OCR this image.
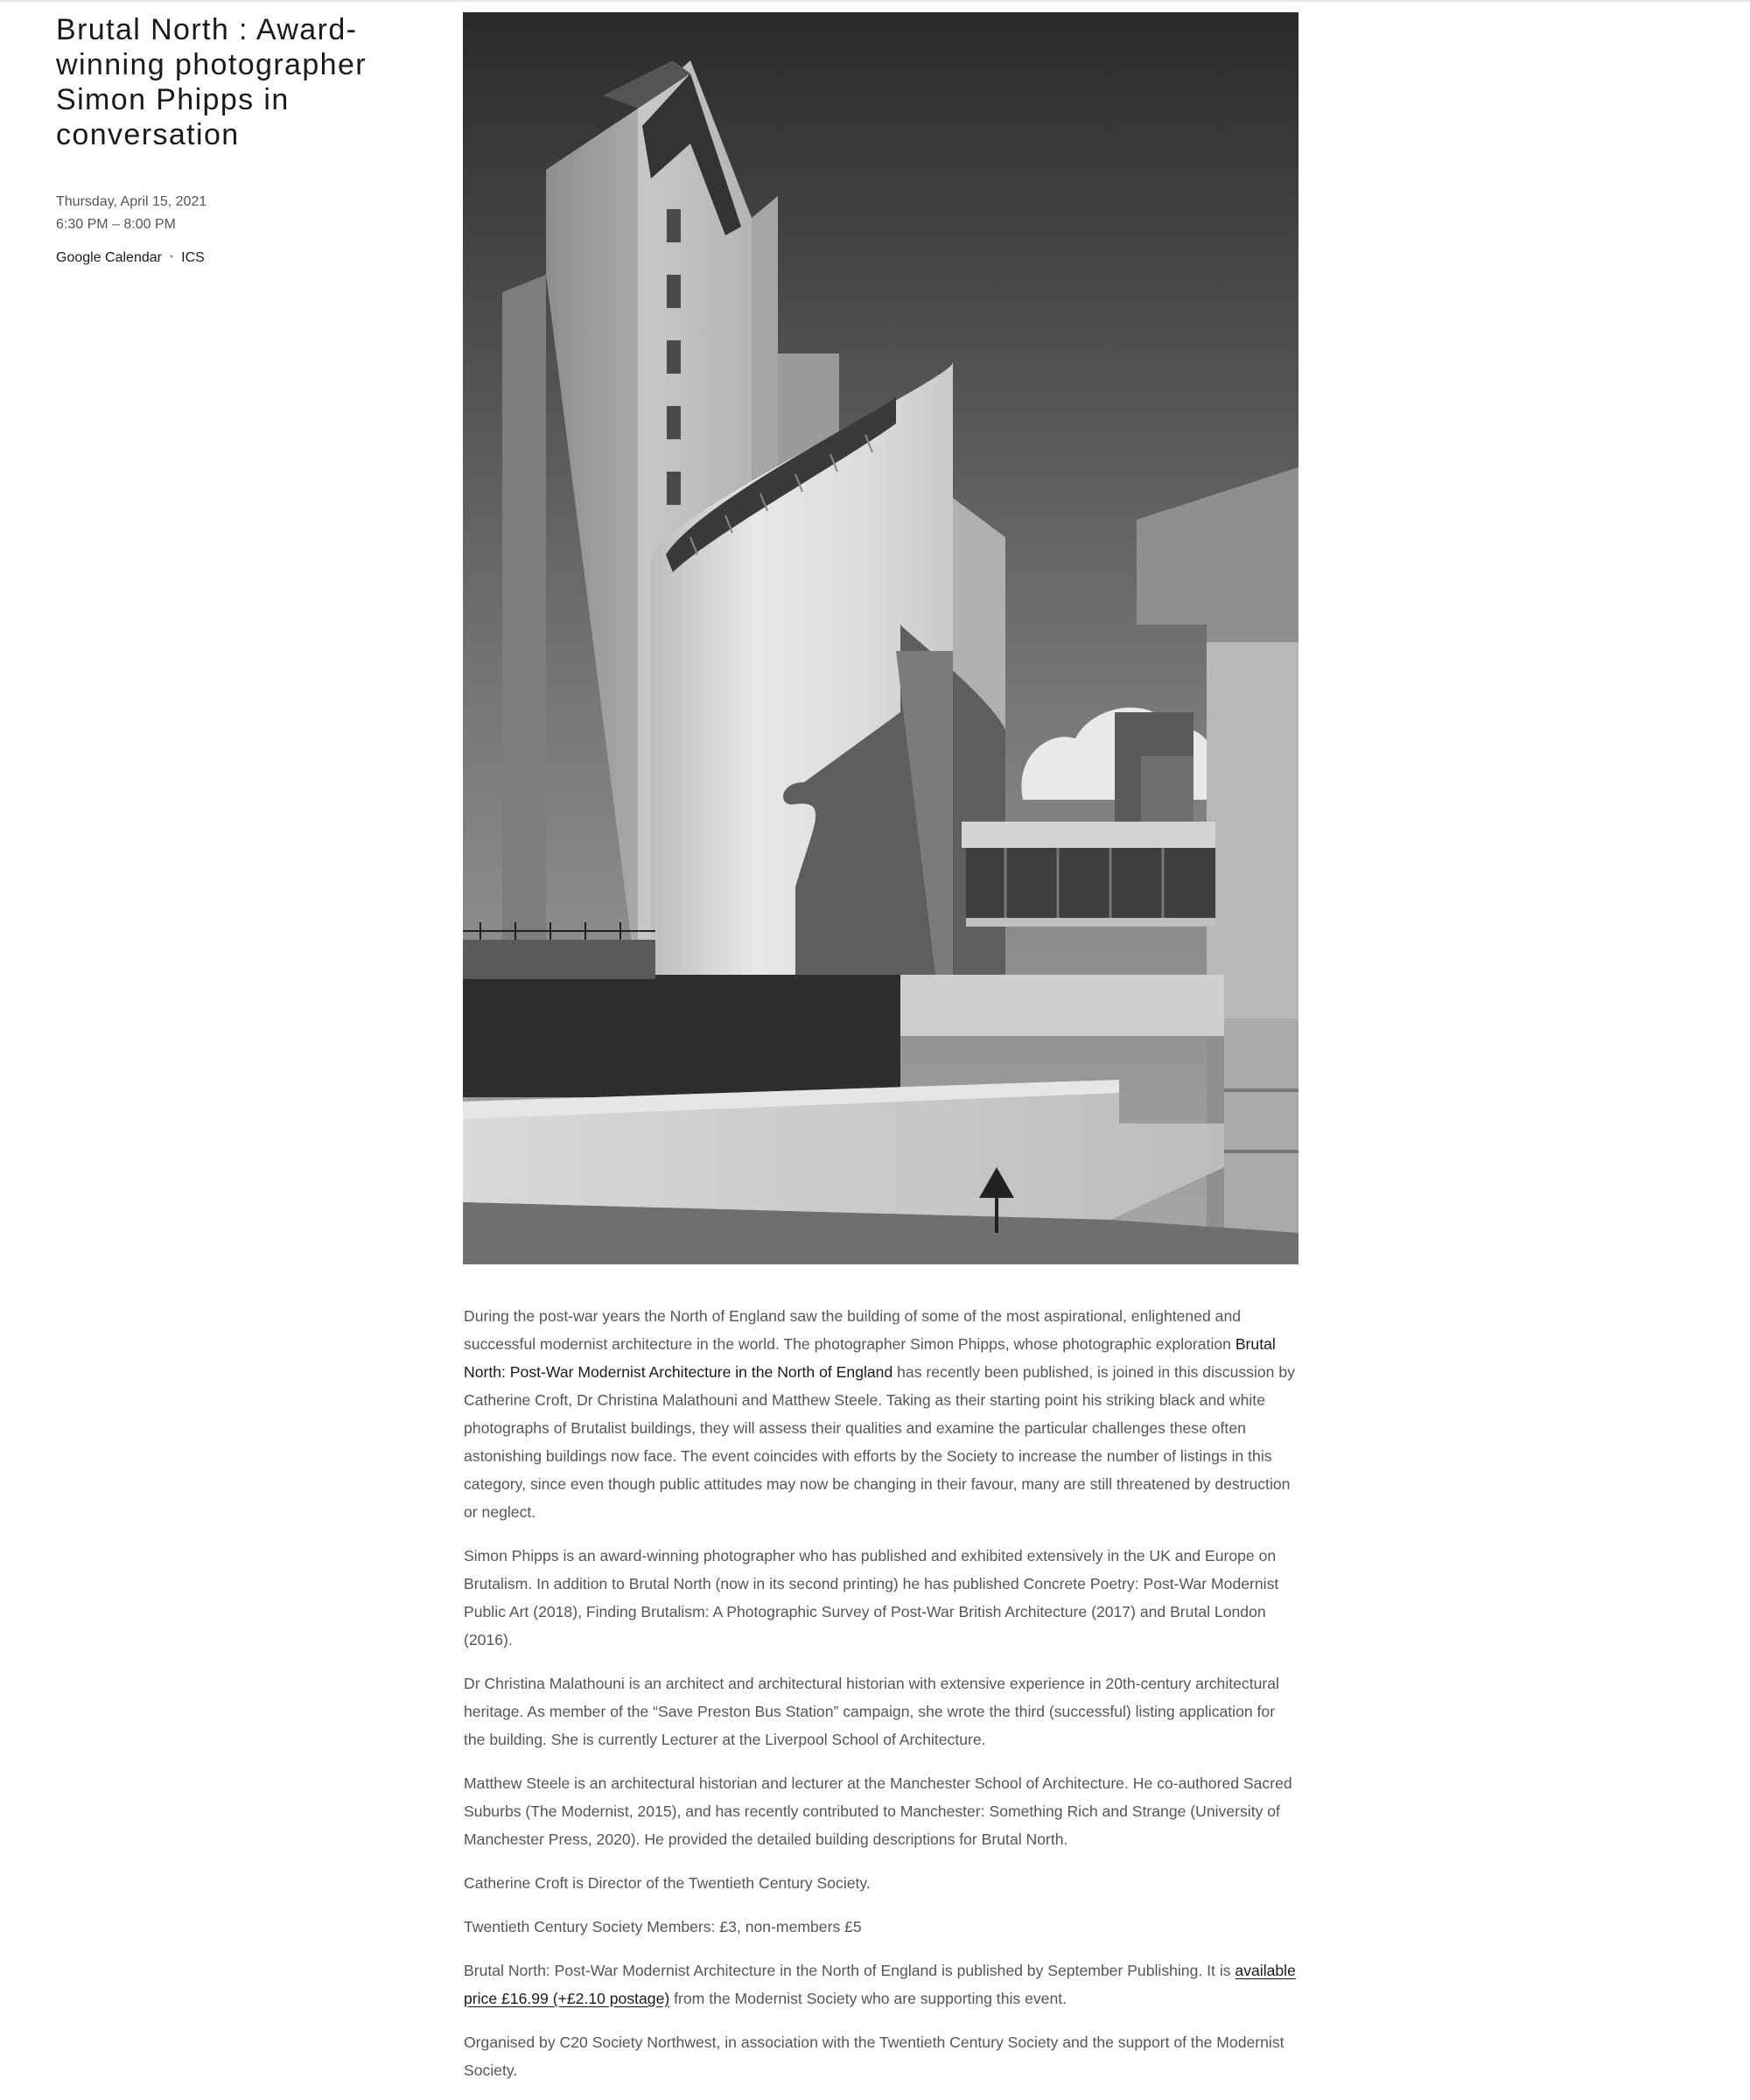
Brutal North : Award-winning photographer Simon Phipps in conversation
Thursday, April 15, 2021
6:30 PM – 8:00 PM
Google Calendar • ICS

During the post-war years the North of England saw the building of some of the most aspirational, enlightened and successful modernist architecture in the world. The photographer Simon Phipps, whose photographic exploration Brutal North: Post-War Modernist Architecture in the North of England has recently been published, is joined in this discussion by Catherine Croft, Dr Christina Malathouni and Matthew Steele. Taking as their starting point his striking black and white photographs of Brutalist buildings, they will assess their qualities and examine the particular challenges these often astonishing buildings now face. The event coincides with efforts by the Society to increase the number of listings in this category, since even though public attitudes may now be changing in their favour, many are still threatened by destruction or neglect.

Simon Phipps is an award-winning photographer who has published and exhibited extensively in the UK and Europe on Brutalism. In addition to Brutal North (now in its second printing) he has published Concrete Poetry: Post-War Modernist Public Art (2018), Finding Brutalism: A Photographic Survey of Post-War British Architecture (2017) and Brutal London (2016).

Dr Christina Malathouni is an architect and architectural historian with extensive experience in 20th-century architectural heritage. As member of the “Save Preston Bus Station” campaign, she wrote the third (successful) listing application for the building. She is currently Lecturer at the Liverpool School of Architecture.

Matthew Steele is an architectural historian and lecturer at the Manchester School of Architecture. He co-authored Sacred Suburbs (The Modernist, 2015), and has recently contributed to Manchester: Something Rich and Strange (University of Manchester Press, 2020). He provided the detailed building descriptions for Brutal North.

Catherine Croft is Director of the Twentieth Century Society.

Twentieth Century Society Members: £3, non-members £5

Brutal North: Post-War Modernist Architecture in the North of England is published by September Publishing. It is available price £16.99 (+£2.10 postage) from the Modernist Society who are supporting this event.

Organised by C20 Society Northwest, in association with the Twentieth Century Society and the support of the Modernist Society.
